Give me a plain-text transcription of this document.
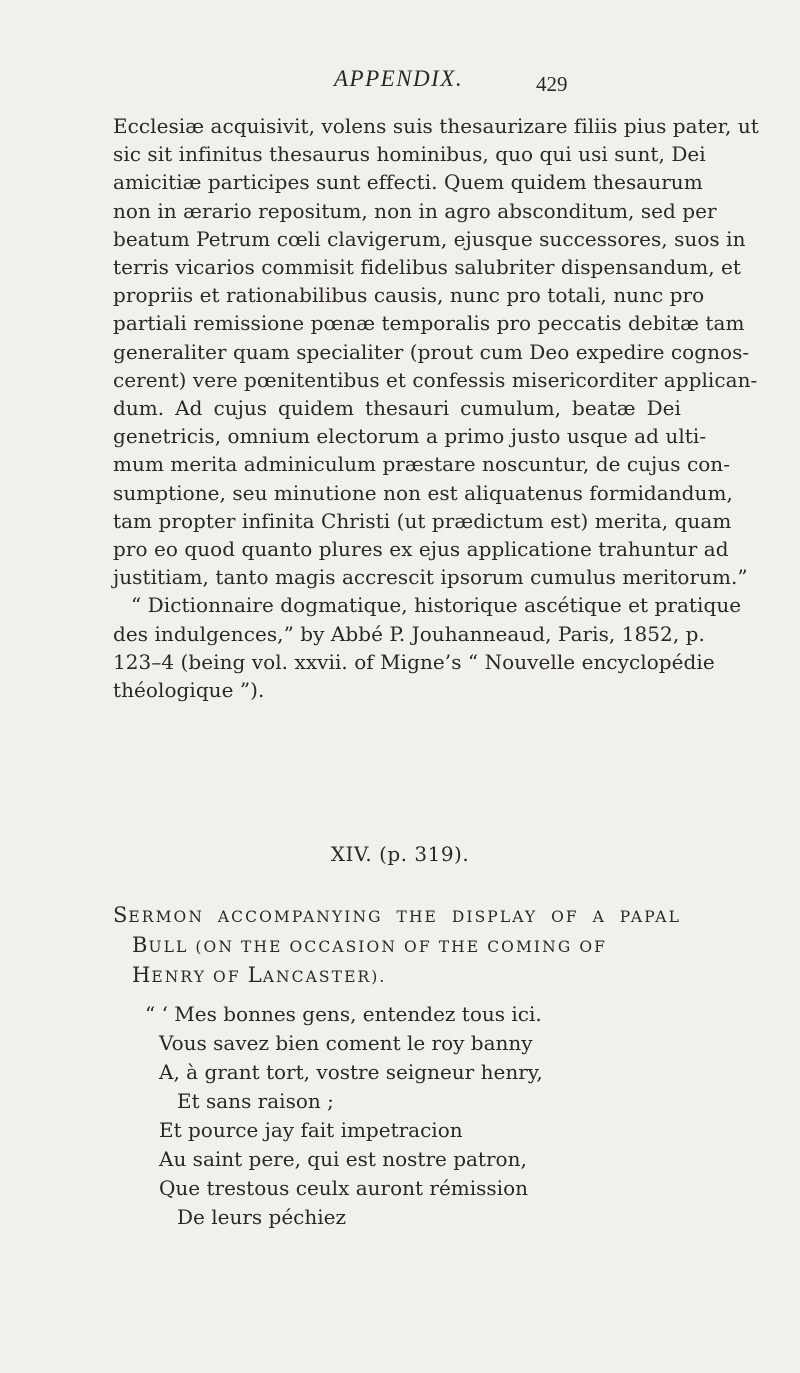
APPENDIX.	429
Ecclesiæ acquisivit, volens suis thesaurizare filiis pius pater, ut
sic sit infinitus thesaurus hominibus, quo qui usi sunt, Dei
amicitiæ participes sunt effecti. Quem quidem thesaurum
non in ærario repositum, non in agro absconditum, sed per
beatum Petrum cœli clavigerum, ejusque successores, suos in
terris vicarios commisit fidelibus salubriter dispensandum, et
propriis et rationabilibus causis, nunc pro totali, nunc pro
partiali remissione pœnæ temporalis pro peccatis debitæ tam
generaliter quam specialiter (prout cum Deo expedire cognos-
cerent) vere pœnitentibus et confessis misericorditer applican-
dum. Ad cujus quidem thesauri cumulum, beatæ Dei
genetricis, omnium electorum a primo justo usque ad ulti-
mum merita adminiculum præstare noscuntur, de cujus con-
sumptione, seu minutione non est aliquatenus formidandum,
tam propter infinita Christi (ut prædictum est) merita, quam
pro eo quod quanto plures ex ejus applicatione trahuntur ad
justitiam, tanto magis accrescit ipsorum cumulus meritorum.”
“ Dictionnaire dogmatique, historique ascétique et pratique
des indulgences,” by Abbé P. Jouhanneaud, Paris, 1852, p.
123–4 (being vol. xxvii. of Migne’s “ Nouvelle encyclopédie
théologique ”).
XIV. (p. 319).
SERMON ACCOMPANYING THE DISPLAY OF A PAPAL
BULL (ON THE OCCASION OF THE COMING OF
HENRY OF LANCASTER).
“ ‘ Mes bonnes gens, entendez tous ici.
Vous savez bien coment le roy banny
A, à grant tort, vostre seigneur henry,
Et sans raison ;
Et pource jay fait impetracion
Au saint pere, qui est nostre patron,
Que trestous ceulx auront rémission
De leurs péchiez
